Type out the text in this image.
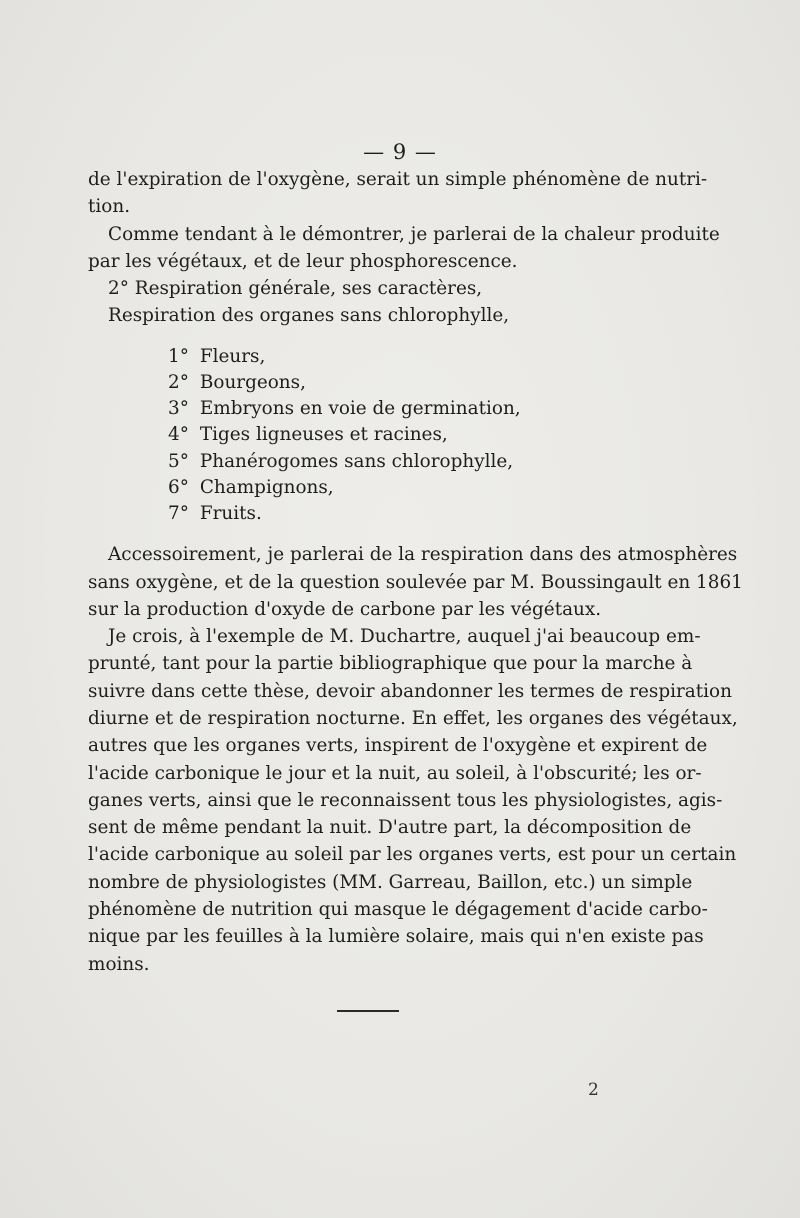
— 9 —
de l'expiration de l'oxygène, serait un simple phénomène de nutri-
tion.
Comme tendant à le démontrer, je parlerai de la chaleur produite
par les végétaux, et de leur phosphorescence.
2° Respiration générale, ses caractères,
Respiration des organes sans chlorophylle,
1° Fleurs,
2° Bourgeons,
3° Embryons en voie de germination,
4° Tiges ligneuses et racines,
5° Phanérogomes sans chlorophylle,
6° Champignons,
7° Fruits.
Accessoirement, je parlerai de la respiration dans des atmosphères
sans oxygène, et de la question soulevée par M. Boussingault en 1861
sur la production d'oxyde de carbone par les végétaux.
Je crois, à l'exemple de M. Duchartre, auquel j'ai beaucoup em-
prunté, tant pour la partie bibliographique que pour la marche à
suivre dans cette thèse, devoir abandonner les termes de respiration
diurne et de respiration nocturne. En effet, les organes des végétaux,
autres que les organes verts, inspirent de l'oxygène et expirent de
l'acide carbonique le jour et la nuit, au soleil, à l'obscurité; les or-
ganes verts, ainsi que le reconnaissent tous les physiologistes, agis-
sent de même pendant la nuit. D'autre part, la décomposition de
l'acide carbonique au soleil par les organes verts, est pour un certain
nombre de physiologistes (MM. Garreau, Baillon, etc.) un simple
phénomène de nutrition qui masque le dégagement d'acide carbo-
nique par les feuilles à la lumière solaire, mais qui n'en existe pas
moins.
2
